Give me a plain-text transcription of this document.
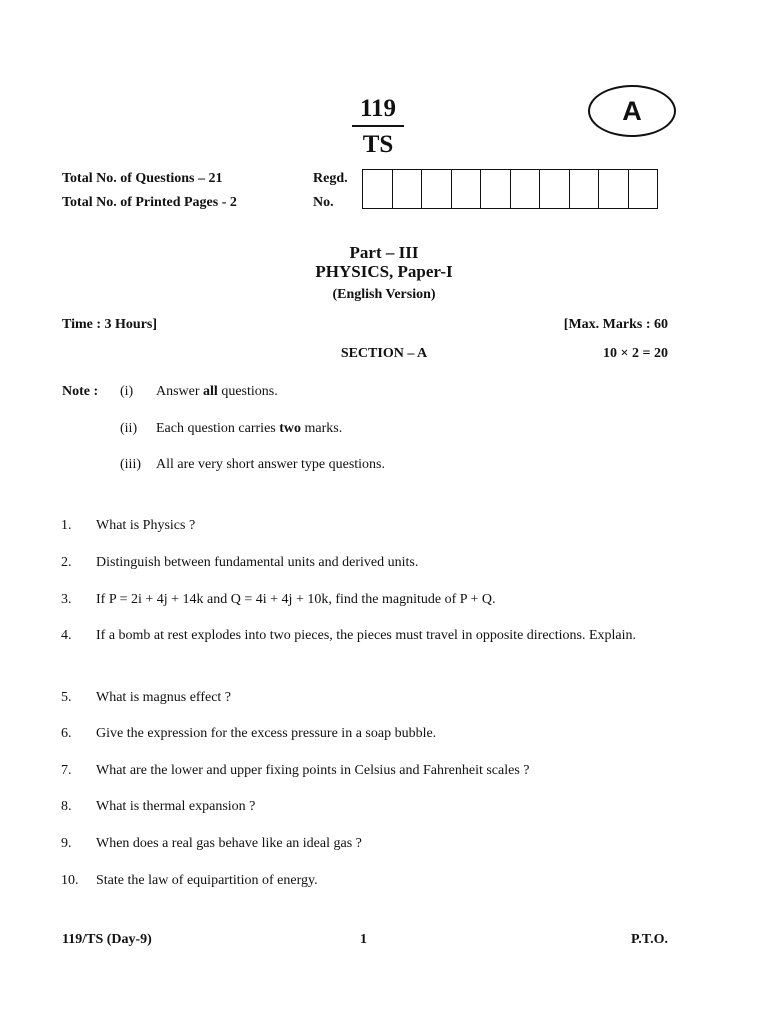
119
TS
A
Total No. of Questions – 21
Total No. of Printed Pages - 2
Regd.
No.
Part – III
PHYSICS, Paper-I
(English Version)
Time : 3 Hours]	[Max. Marks : 60
SECTION – A	10 × 2 = 20
Note : (i) Answer all questions.
(ii) Each question carries two marks.
(iii) All are very short answer type questions.
1. What is Physics ?
2. Distinguish between fundamental units and derived units.
3. If P = 2i + 4j + 14k and Q = 4i + 4j + 10k, find the magnitude of P + Q.
4. If a bomb at rest explodes into two pieces, the pieces must travel in opposite directions. Explain.
5. What is magnus effect ?
6. Give the expression for the excess pressure in a soap bubble.
7. What are the lower and upper fixing points in Celsius and Fahrenheit scales ?
8. What is thermal expansion ?
9. When does a real gas behave like an ideal gas ?
10. State the law of equipartition of energy.
119/TS (Day-9)	1	P.T.O.
